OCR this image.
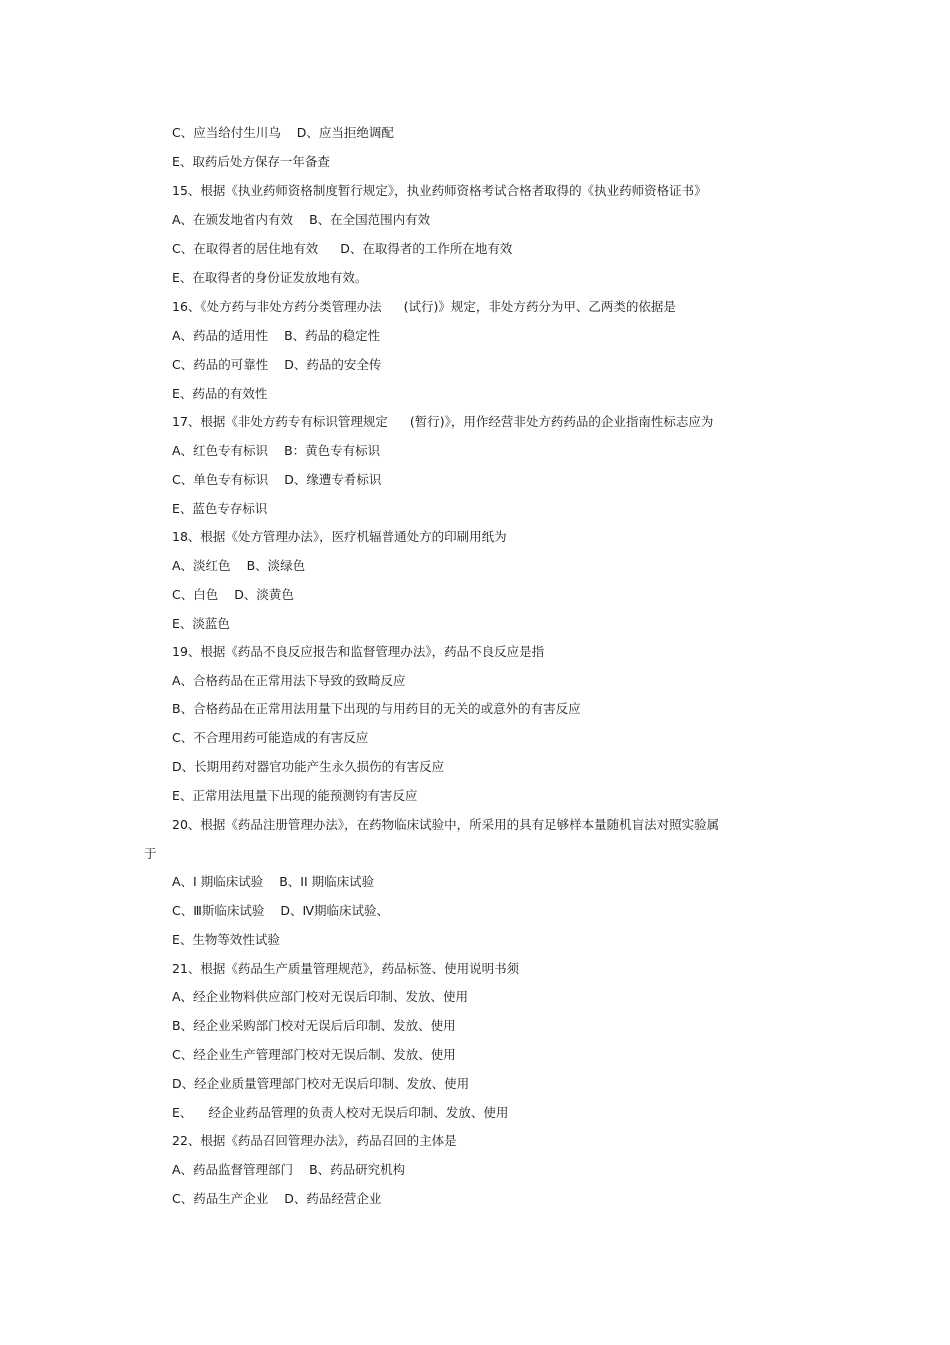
C、应当给付生川乌 D、应当拒绝调配
E、取药后处方保存一年备查
15、根据《执业药师资格制度暂行规定》，执业药师资格考试合格者取得的《执业药师资格证书》
A、在颁发地省内有效 B、在全国范围内有效
C、在取得者的居住地有效 D、在取得者的工作所在地有效
E、在取得者的身份证发放地有效。
16、《处方药与非处方药分类管理办法 (试行)》规定，非处方药分为甲、乙两类的依据是
A、药品的适用性 B、药品的稳定性
C、药品的可靠性 D、药品的安全传
E、药品的有效性
17、根据《非处方药专有标识管理规定 (暂行)》，用作经营非处方药药品的企业指南性标志应为
A、红色专有标识 B：黄色专有标识
C、单色专有标识 D、缘遭专肴标识
E、蓝色专存标识
18、根据《处方管理办法》，医疗机辐普通处方的印刷用纸为
A、淡红色 B、淡绿色
C、白色 D、淡黄色
E、淡蓝色
19、根据《药品不良反应报告和监督管理办法》，药品不良反应是指
A、合格药品在正常用法下导致的致畸反应
B、合格药品在正常用法用量下出现的与用药目的无关的或意外的有害反应
C、不合理用药可能造成的有害反应
D、长期用药对器官功能产生永久损伤的有害反应
E、正常用法甩量下出现的能预测钧有害反应
20、根据《药品注册管理办法》，在药物临床试验中，所采用的具有足够样本量随机盲法对照实验属
于
A、I 期临床试验 B、II 期临床试验
C、Ⅲ斯临床试验 D、Ⅳ期临床试验、
E、生物等效性试验
21、根据《药品生产质量管理规范》，药品标签、使用说明书须
A、经企业物料供应部门校对无误后印制、发放、使用
B、经企业采购部门校对无误后后印制、发放、使用
C、经企业生产管理部门校对无误后制、发放、使用
D、经企业质量管理部门校对无误后印制、发放、使用
E、 经企业药品管理的负责人校对无误后印制、发放、使用
22、根据《药品召回管理办法》，药品召回的主体是
A、药品监督管理部门 B、药品研究机构
C、药品生产企业 D、药品经营企业
